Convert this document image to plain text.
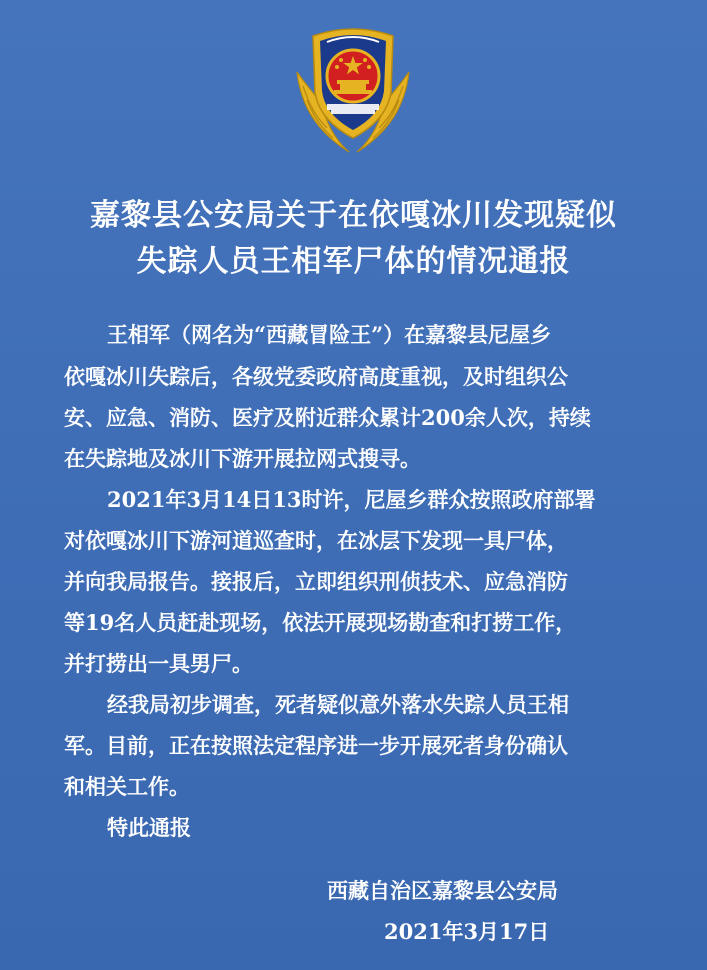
嘉黎县公安局关于在依嘎冰川发现疑似
失踪人员王相军尸体的情况通报
王相军（网名为“西藏冒险王”）在嘉黎县尼屋乡
依嘎冰川失踪后，各级党委政府高度重视，及时组织公
安、应急、消防、医疗及附近群众累计200余人次，持续
在失踪地及冰川下游开展拉网式搜寻。
2021年3月14日13时许，尼屋乡群众按照政府部署
对依嘎冰川下游河道巡查时，在冰层下发现一具尸体，
并向我局报告。接报后，立即组织刑侦技术、应急消防
等19名人员赶赴现场，依法开展现场勘查和打捞工作，
并打捞出一具男尸。
经我局初步调查，死者疑似意外落水失踪人员王相
军。目前，正在按照法定程序进一步开展死者身份确认
和相关工作。
特此通报
西藏自治区嘉黎县公安局
2021年3月17日
